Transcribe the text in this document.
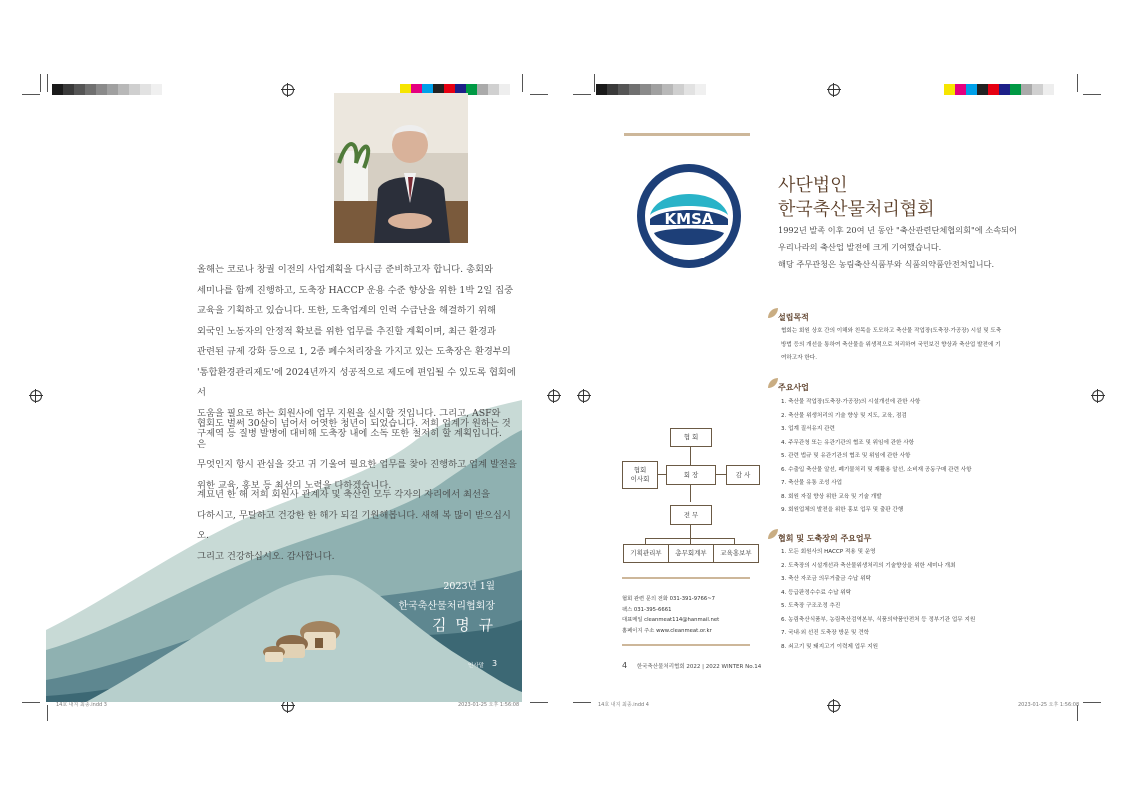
올해는 코로나 창궐 이전의 사업계획을 다시금 준비하고자 합니다. 총회와

세미나를 함께 진행하고, 도축장 HACCP 운용 수준 향상을 위한 1박 2일 집중

교육을 기획하고 있습니다. 또한, 도축업계의 인력 수급난을 해결하기 위해

외국인 노동자의 안정적 확보를 위한 업무를 추진할 계획이며, 최근 환경과

관련된 규제 강화 등으로 1, 2종 폐수처리장을 가지고 있는 도축장은 환경부의

'통합환경관리제도'에 2024년까지 성공적으로 제도에 편입될 수 있도록 협회에서

도움을 필요로 하는 회원사에 업무 지원을 실시할 것입니다. 그리고, ASF와

구제역 등 질병 발병에 대비해 도축장 내에 소독 또한 철저히 할 계획입니다.

협회도 벌써 30살이 넘어서 어엿한 청년이 되었습니다. 저희 업계가 원하는 것은

무엇인지 항시 관심을 갖고 귀 기울여 필요한 업무를 찾아 진행하고 업계 발전을

위한 교육, 홍보 등 최선의 노력을 다하겠습니다.

계묘년 한 해 저희 회원사 관계자 및 축산인 모두 각자의 자리에서 최선을

다하시고, 무탈하고 건강한 한 해가 되길 기원해봅니다. 새해 복 많이 받으십시오.

그리고 건강하십시오. 감사합니다.

2023년 1월
한국축산물처리협회장
김 명 규
인사말 3
14호 내지 최종.indd 3	2023-01-25 오후 1:56:08
KMSA
SINCE 1992
사단법인
한국축산물처리협회
1992년 발족 이후 20여 년 동안 "축산관련단체협의회"에 소속되어
우리나라의 축산업 발전에 크게 기여했습니다.
해당 주무관청은 농림축산식품부와 식품의약품안전처입니다.
설립목적
협회는 회원 상호 간의 이해와 친목을 도모하고 축산물 작업장(도축장·가공장) 시설 및 도축
방법 등의 개선을 통하여 축산물을 위생적으로 처리하여 국민보건 향상과 축산업 발전에 기
여하고자 한다.
주요사업
1. 축산물 작업장(도축장·가공장)의 시설개선에 관한 사항
2. 축산물 위생처리의 기술 향상 및 지도, 교육, 점검
3. 업계 질서유지 관련
4. 주무관청 또는 유관기관의 협조 및 위임에 관한 사항
5. 관련 법규 및 유관기관의 협조 및 위임에 관한 사항
6. 수출입 축산물 알선, 폐기물처리 및 재활용 알선, 소비재 공동구매 관련 사항
7. 축산물 유통 조성 사업
8. 회원 자질 향상 위한 교육 및 기술 개발
9. 회원업체의 발전을 위한 홍보 업무 및 출판 간행
협회 및 도축장의 주요업무
1. 모든 회원사의 HACCP 적용 및 운영
2. 도축장의 시설개선과 축산물위생처리의 기술향상을 위한 세미나 개최
3. 축산 자조금 의무거출금 수납 위탁
4. 등급판정수수료 수납 위탁
5. 도축장 구조조정 추진
6. 농림축산식품부, 농림축산검역본부, 식품의약품안전처 등 정부기관 업무 지원
7. 국내·외 선진 도축장 방문 및 견학
8. 쇠고기 및 돼지고기 이력제 업무 지원
협 회
협회
이사회
회 장	감 사
전 무
기획관리부	총무회계부	교육홍보부
협회 관련 문의 전화 031-391-9766~7
팩스 031-395-6661
대표메일 cleanmeat114@hanmail.net
홈페이지 주소 www.cleanmeat.or.kr
4 한국축산물처리협회 2022 | 2022 WINTER No.14
14호 내지 최종.indd 4	2023-01-25 오후 1:56:08
